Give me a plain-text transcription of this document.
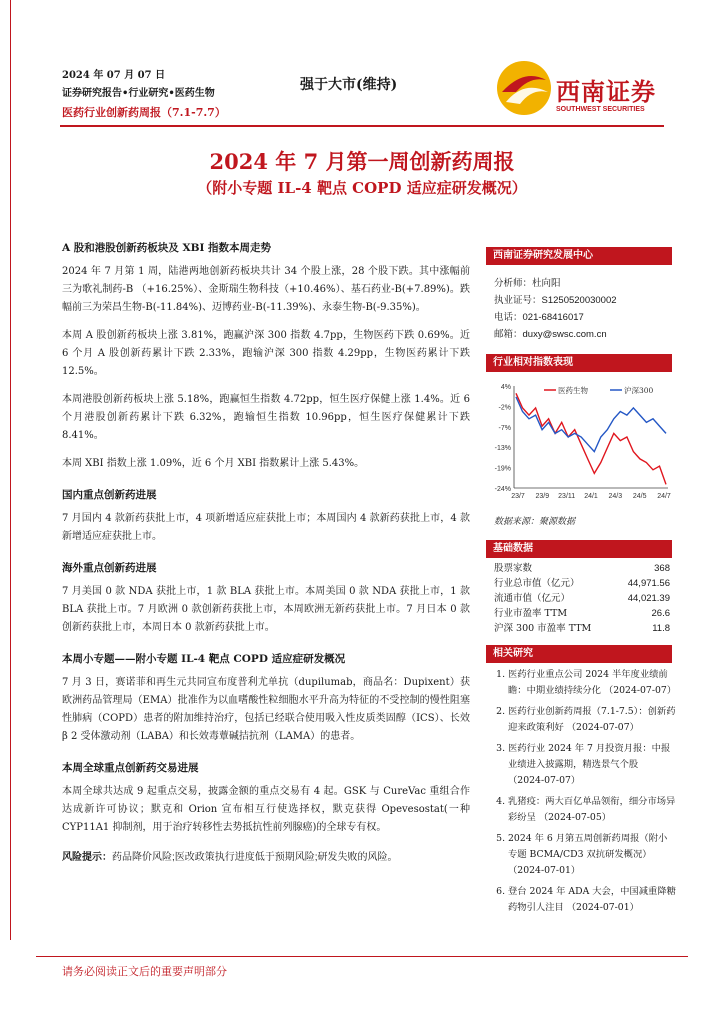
2024 年 07 月 07 日
证券研究报告•行业研究•医药生物
医药行业创新药周报（7.1-7.7）
强于大市(维持)	西南证券
SOUTHWEST SECURITIES
2024 年 7 月第一周创新药周报
（附小专题 IL-4 靶点 COPD 适应症研发概况）
A 股和港股创新药板块及 XBI 指数本周走势
2024 年 7 月第 1 周，陆港两地创新药板块共计 34 个股上涨，28 个股下跌。其中涨幅前三为歌礼制药-B （+16.25%）、金斯瑞生物科技（+10.46%）、基石药业-B(+7.89%)。跌幅前三为荣昌生物-B(-11.84%)、迈博药业-B(-11.39%)、永泰生物-B(-9.35%)。
本周 A 股创新药板块上涨 3.81%，跑赢沪深 300 指数 4.7pp，生物医药下跌 0.69%。近 6 个月 A 股创新药累计下跌 2.33%，跑输沪深 300 指数 4.29pp，生物医药累计下跌 12.5%。
本周港股创新药板块上涨 5.18%，跑赢恒生指数 4.72pp，恒生医疗保健上涨 1.4%。近 6 个月港股创新药累计下跌 6.32%，跑输恒生指数 10.96pp，恒生医疗保健累计下跌 8.41%。
本周 XBI 指数上涨 1.09%，近 6 个月 XBI 指数累计上涨 5.43%。
国内重点创新药进展
7 月国内 4 款新药获批上市，4 项新增适应症获批上市；本周国内 4 款新药获批上市，4 款新增适应症获批上市。
海外重点创新药进展
7 月美国 0 款 NDA 获批上市，1 款 BLA 获批上市。本周美国 0 款 NDA 获批上市，1 款 BLA 获批上市。7 月欧洲 0 款创新药获批上市，本周欧洲无新药获批上市。7 月日本 0 款创新药获批上市，本周日本 0 款新药获批上市。
本周小专题——附小专题 IL-4 靶点 COPD 适应症研发概况
7 月 3 日，赛诺菲和再生元共同宣布度普利尤单抗（dupilumab，商品名：Dupixent）获欧洲药品管理局（EMA）批准作为以血嗜酸性粒细胞水平升高为特征的不受控制的慢性阻塞性肺病（COPD）患者的附加维持治疗，包括已经联合使用吸入性皮质类固醇（ICS）、长效 β 2 受体激动剂（LABA）和长效毒蕈碱拮抗剂（LAMA）的患者。
本周全球重点创新药交易进展
本周全球共达成 9 起重点交易，披露金额的重点交易有 4 起。GSK 与 CureVac 重组合作达成新许可协议；默克和 Orion 宣布相互行使选择权，默克获得 Opevesostat(一种 CYP11A1 抑制剂，用于治疗转移性去势抵抗性前列腺癌)的全球专有权。
风险提示：药品降价风险;医改政策执行进度低于预期风险;研发失败的风险。
西南证券研究发展中心
分析师：杜向阳
执业证号：S1250520030002
电话：021-68416017
邮箱：duxy@swsc.com.cn
行业相对指数表现
4%
-2%
-7%
-13%
-19%
-24%
23/7 23/9 23/11 24/1 24/3 24/5 24/7
医药生物	沪深300
数据来源：聚源数据
基础数据
股票家数	368
行业总市值（亿元）	44,971.56
流通市值（亿元）	44,021.39
行业市盈率 TTM	26.6
沪深 300 市盈率 TTM	11.8
相关研究
1. 医药行业重点公司 2024 半年度业绩前瞻：中期业绩持续分化 （2024-07-07）
2. 医药行业创新药周报（7.1-7.5）：创新药迎来政策利好 （2024-07-07）
3. 医药行业 2024 年 7 月投资月报：中报业绩进入披露期，精选景气个股 （2024-07-07）
4. 乳猪疫：两大百亿单品领衔，细分市场异彩纷呈 （2024-07-05）
5. 2024 年 6 月第五周创新药周报（附小专题 BCMA/CD3 双抗研发概况） （2024-07-01）
6. 登台 2024 年 ADA 大会，中国减重降糖药物引人注目 （2024-07-01）
请务必阅读正文后的重要声明部分
